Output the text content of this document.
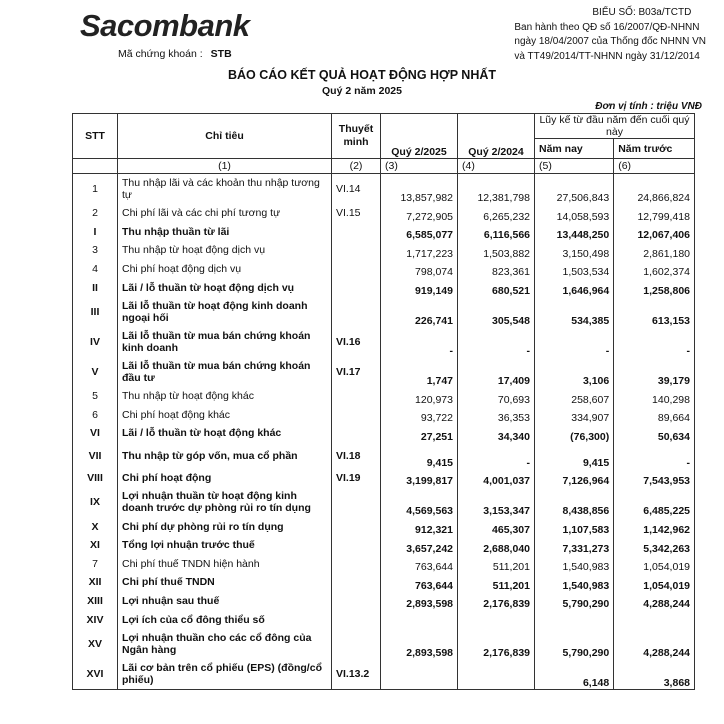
Sacombank
Mã chứng khoán : STB
BIỂU SỐ: B03a/TCTD
Ban hành theo QĐ số 16/2007/QĐ-NHNN
ngày 18/04/2007 của Thống đốc NHNN VN
và TT49/2014/TT-NHNN ngày 31/12/2014
BÁO CÁO KẾT QUẢ HOẠT ĐỘNG HỢP NHẤT
Quý 2 năm 2025
Đơn vị tính : triệu VNĐ
STT	Chỉ tiêu	Thuyết minh	Quý 2/2025	Quý 2/2024	Lũy kế từ đầu năm đến cuối quý này	
					Năm nay	Năm trước
	(1)	(2)	(3)	(4)	(5)	(6)
1	Thu nhập lãi và các khoản thu nhập tương tự	VI.14	13,857,982	12,381,798	27,506,843	24,866,824
2	Chi phí lãi và các chi phí tương tự	VI.15	7,272,905	6,265,232	14,058,593	12,799,418
I	Thu nhập thuần từ lãi		6,585,077	6,116,566	13,448,250	12,067,406
3	Thu nhập từ hoạt động dịch vụ		1,717,223	1,503,882	3,150,498	2,861,180
4	Chi phí hoạt động dịch vụ		798,074	823,361	1,503,534	1,602,374
II	Lãi / lỗ thuần từ hoạt động dịch vụ		919,149	680,521	1,646,964	1,258,806
III	Lãi lỗ thuần từ hoạt động kinh doanh ngoại hối		226,741	305,548	534,385	613,153
IV	Lãi lỗ thuần từ mua bán chứng khoán kinh doanh	VI.16	-	-	-	-
V	Lãi lỗ thuần từ mua bán chứng khoán đầu tư	VI.17	1,747	17,409	3,106	39,179
5	Thu nhập từ hoạt động khác		120,973	70,693	258,607	140,298
6	Chi phí hoạt động khác		93,722	36,353	334,907	89,664
VI	Lãi / lỗ thuần từ hoạt động khác		27,251	34,340	(76,300)	50,634
VII	Thu nhập từ góp vốn, mua cổ phần	VI.18	9,415	-	9,415	-
VIII	Chi phí hoạt động	VI.19	3,199,817	4,001,037	7,126,964	7,543,953
IX	Lợi nhuận thuần từ hoạt động kinh doanh trước dự phòng rủi ro tín dụng		4,569,563	3,153,347	8,438,856	6,485,225
X	Chi phí dự phòng rủi ro tín dụng		912,321	465,307	1,107,583	1,142,962
XI	Tổng lợi nhuận trước thuế		3,657,242	2,688,040	7,331,273	5,342,263
7	Chi phí thuế TNDN hiện hành		763,644	511,201	1,540,983	1,054,019
XII	Chi phí thuế TNDN		763,644	511,201	1,540,983	1,054,019
XIII	Lợi nhuận sau thuế		2,893,598	2,176,839	5,790,290	4,288,244
XIV	Lợi ích của cổ đông thiểu số					
XV	Lợi nhuận thuần cho các cổ đông của Ngân hàng		2,893,598	2,176,839	5,790,290	4,288,244
XVI	Lãi cơ bản trên cổ phiếu (EPS) (đồng/cổ phiếu)	VI.13.2			6,148	3,868
